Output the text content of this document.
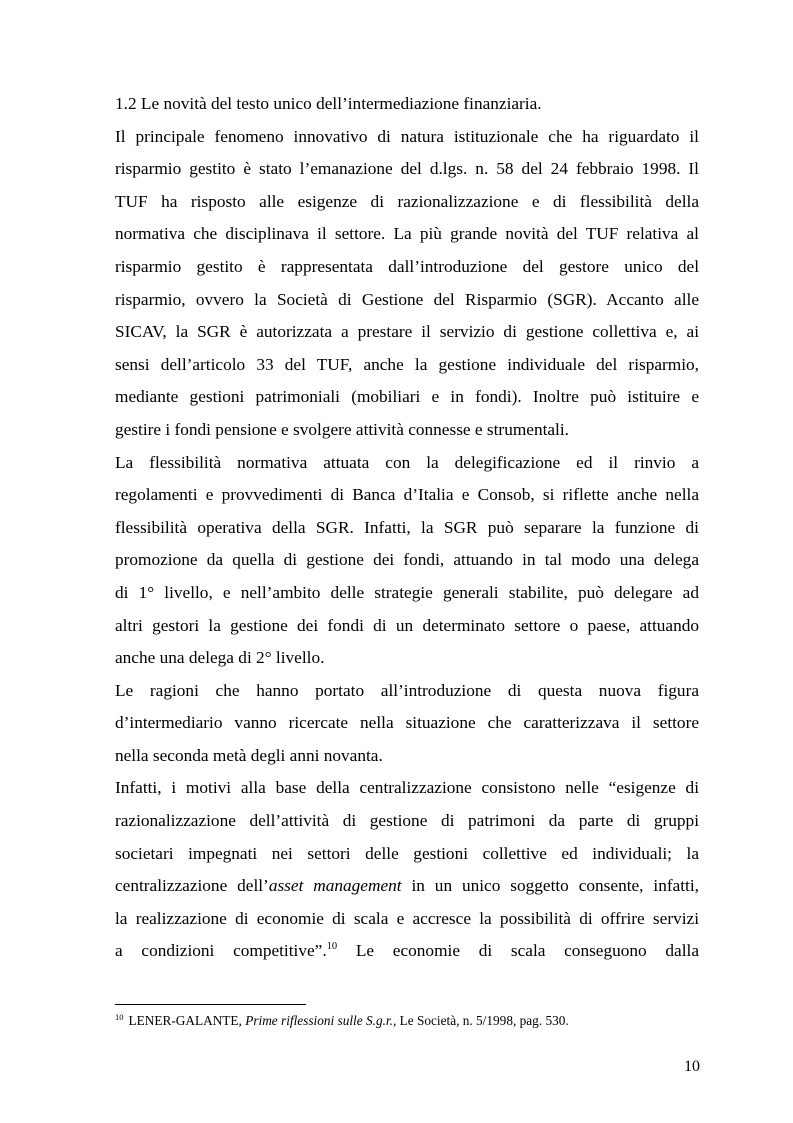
1.2 Le novità del testo unico dell’intermediazione finanziaria.
Il principale fenomeno innovativo di natura istituzionale che ha riguardato il
risparmio gestito è stato l’emanazione del d.lgs. n. 58 del 24 febbraio 1998. Il
TUF ha risposto alle esigenze di razionalizzazione e di flessibilità della
normativa che disciplinava il settore. La più grande novità del TUF relativa al
risparmio gestito è rappresentata dall’introduzione del gestore unico del
risparmio, ovvero la Società di Gestione del Risparmio (SGR). Accanto alle
SICAV, la SGR è autorizzata a prestare il servizio di gestione collettiva e, ai
sensi dell’articolo 33 del TUF, anche la gestione individuale del risparmio,
mediante gestioni patrimoniali (mobiliari e in fondi). Inoltre può istituire e
gestire i fondi pensione e svolgere attività connesse e strumentali.
La flessibilità normativa attuata con la delegificazione ed il rinvio a
regolamenti e provvedimenti di Banca d’Italia e Consob, si riflette anche nella
flessibilità operativa della SGR. Infatti, la SGR può separare la funzione di
promozione da quella di gestione dei fondi, attuando in tal modo una delega
di 1° livello, e nell’ambito delle strategie generali stabilite, può delegare ad
altri gestori la gestione dei fondi di un determinato settore o paese, attuando
anche una delega di 2° livello.
Le ragioni che hanno portato all’introduzione di questa nuova figura
d’intermediario vanno ricercate nella situazione che caratterizzava il settore
nella seconda metà degli anni novanta.
Infatti, i motivi alla base della centralizzazione consistono nelle “esigenze di
razionalizzazione dell’attività di gestione di patrimoni da parte di gruppi
societari impegnati nei settori delle gestioni collettive ed individuali; la
centralizzazione dell’asset management in un unico soggetto consente, infatti,
la realizzazione di economie di scala e accresce la possibilità di offrire servizi
a condizioni competitive”.$^{10}$ Le economie di scala conseguono dalla
$^{10}$ LENER-GALANTE, Prime riflessioni sulle S.g.r., Le Società, n. 5/1998, pag. 530.
10
